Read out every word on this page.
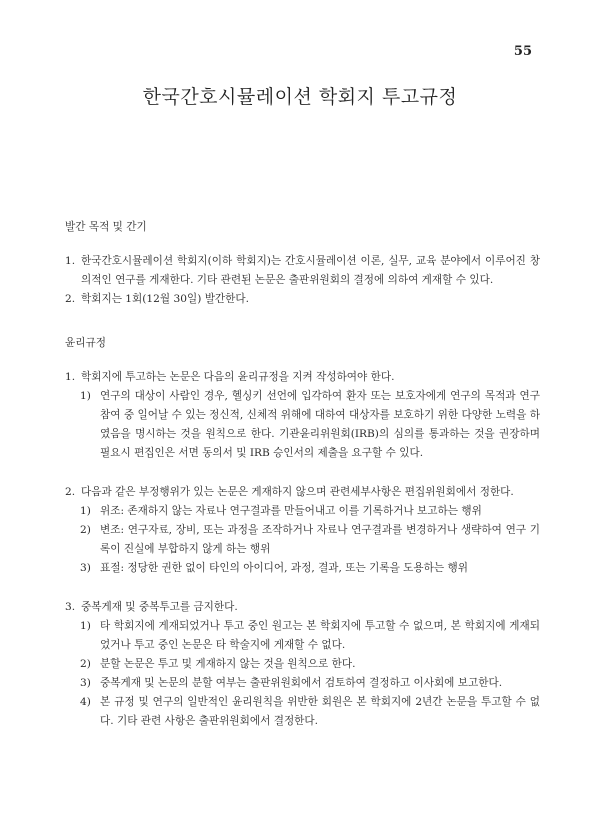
55
한국간호시뮬레이션 학회지 투고규정
발간 목적 및 간기
1. 한국간호시뮬레이션 학회지(이하 학회지)는 간호시뮬레이션 이론, 실무, 교육 분야에서 이루어진 창의적인 연구를 게재한다. 기타 관련된 논문은 출판위원회의 결정에 의하여 게재할 수 있다.
2. 학회지는 1회(12월 30일) 발간한다.
윤리규정
1. 학회지에 투고하는 논문은 다음의 윤리규정을 지켜 작성하여야 한다.
1) 연구의 대상이 사람인 경우, 헬싱키 선언에 입각하여 환자 또는 보호자에게 연구의 목적과 연구 참여 중 일어날 수 있는 정신적, 신체적 위해에 대하여 대상자를 보호하기 위한 다양한 노력을 하였음을 명시하는 것을 원칙으로 한다. 기관윤리위원회(IRB)의 심의를 통과하는 것을 권장하며 필요시 편집인은 서면 동의서 및 IRB 승인서의 제출을 요구할 수 있다.
2. 다음과 같은 부정행위가 있는 논문은 게재하지 않으며 관련세부사항은 편집위원회에서 정한다.
1) 위조: 존재하지 않는 자료나 연구결과를 만들어내고 이를 기록하거나 보고하는 행위
2) 변조: 연구자료, 장비, 또는 과정을 조작하거나 자료나 연구결과를 변경하거나 생략하여 연구 기록이 진실에 부합하지 않게 하는 행위
3) 표절: 정당한 권한 없이 타인의 아이디어, 과정, 결과, 또는 기록을 도용하는 행위
3. 중복게재 및 중복투고를 금지한다.
1) 타 학회지에 게재되었거나 투고 중인 원고는 본 학회지에 투고할 수 없으며, 본 학회지에 게재되었거나 투고 중인 논문은 타 학술지에 게재할 수 없다.
2) 분할 논문은 투고 및 게재하지 않는 것을 원칙으로 한다.
3) 중복게재 및 논문의 분할 여부는 출판위원회에서 검토하여 결정하고 이사회에 보고한다.
4) 본 규정 및 연구의 일반적인 윤리원칙을 위반한 회원은 본 학회지에 2년간 논문을 투고할 수 없다. 기타 관련 사항은 출판위원회에서 결정한다.
